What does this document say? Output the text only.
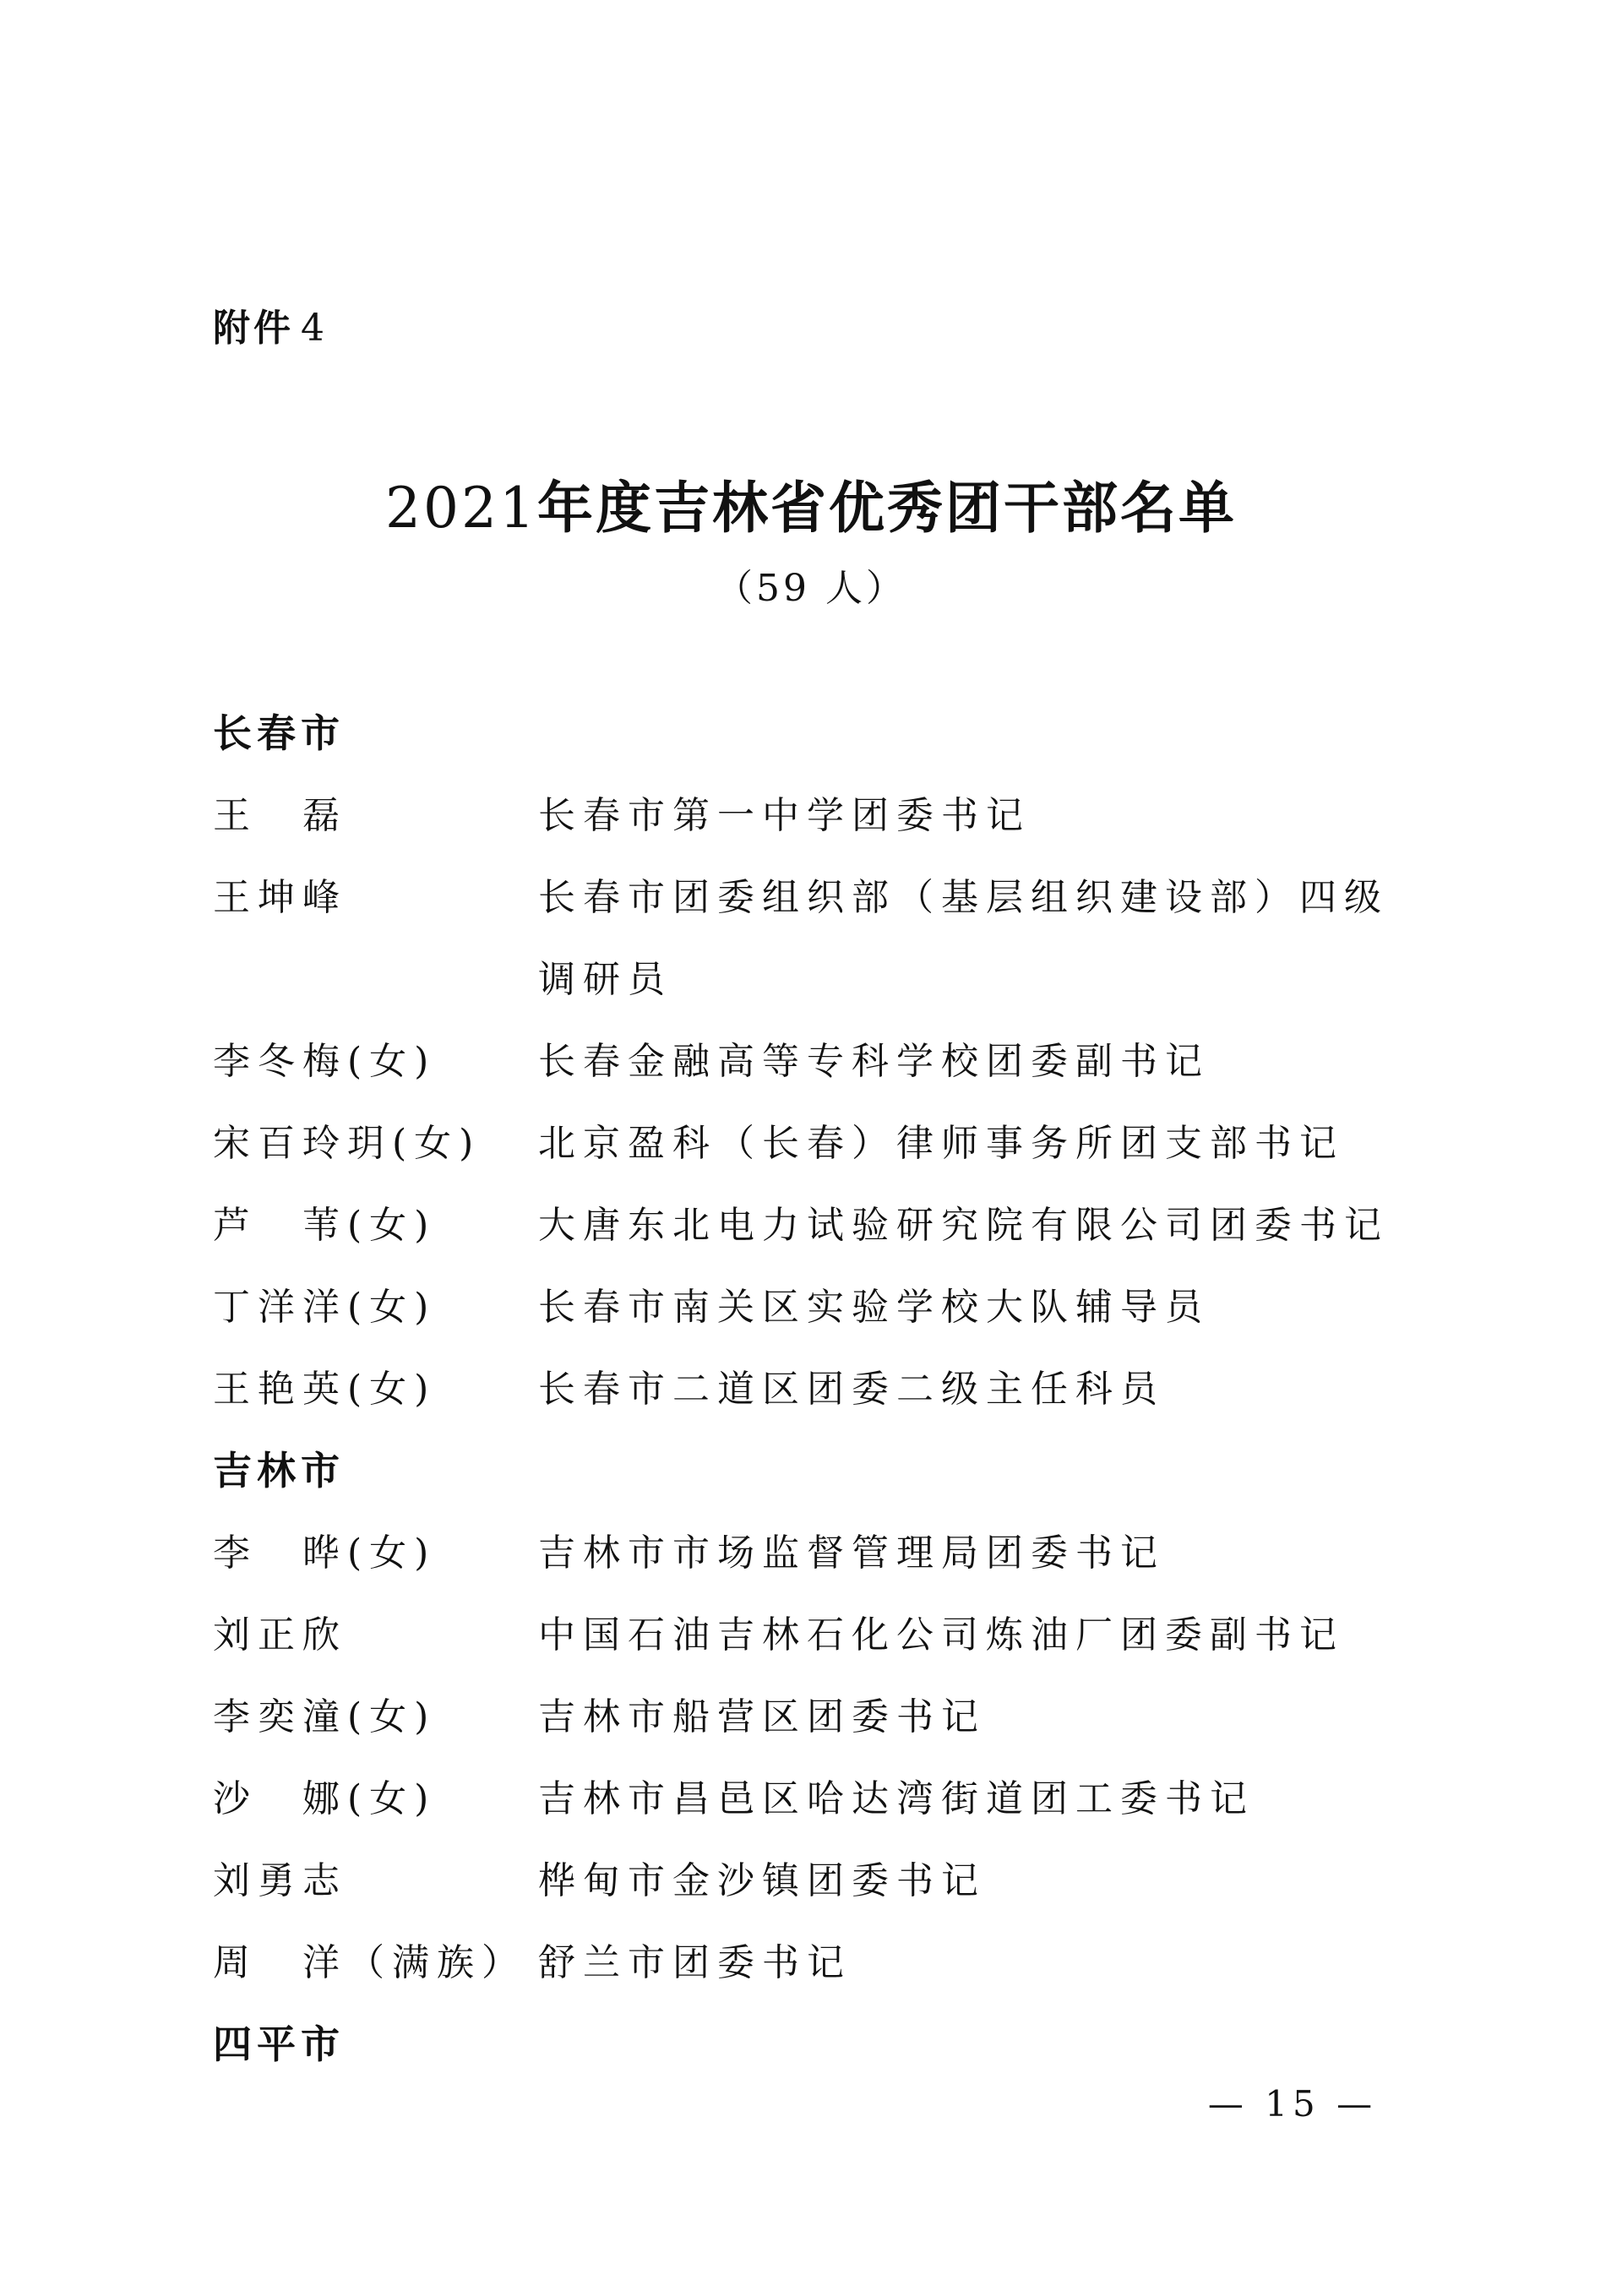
附件 4
2021年度吉林省优秀团干部名单
（59 人）
长春市
王　磊	长春市第一中学团委书记
王坤峰	长春市团委组织部（基层组织建设部）四级调研员
李冬梅(女)	长春金融高等专科学校团委副书记
宋百玲玥(女)	北京盈科（长春）律师事务所团支部书记
芦　苇(女)	大唐东北电力试验研究院有限公司团委书记
丁洋洋(女)	长春市南关区实验学校大队辅导员
王艳英(女)	长春市二道区团委二级主任科员
吉林市
李　晔(女)	吉林市市场监督管理局团委书记
刘正欣	中国石油吉林石化公司炼油厂团委副书记
李奕潼(女)	吉林市船营区团委书记
沙　娜(女)	吉林市昌邑区哈达湾街道团工委书记
刘勇志	桦甸市金沙镇团委书记
周　洋（满族） 舒兰市团委书记
四平市
— 15 —
